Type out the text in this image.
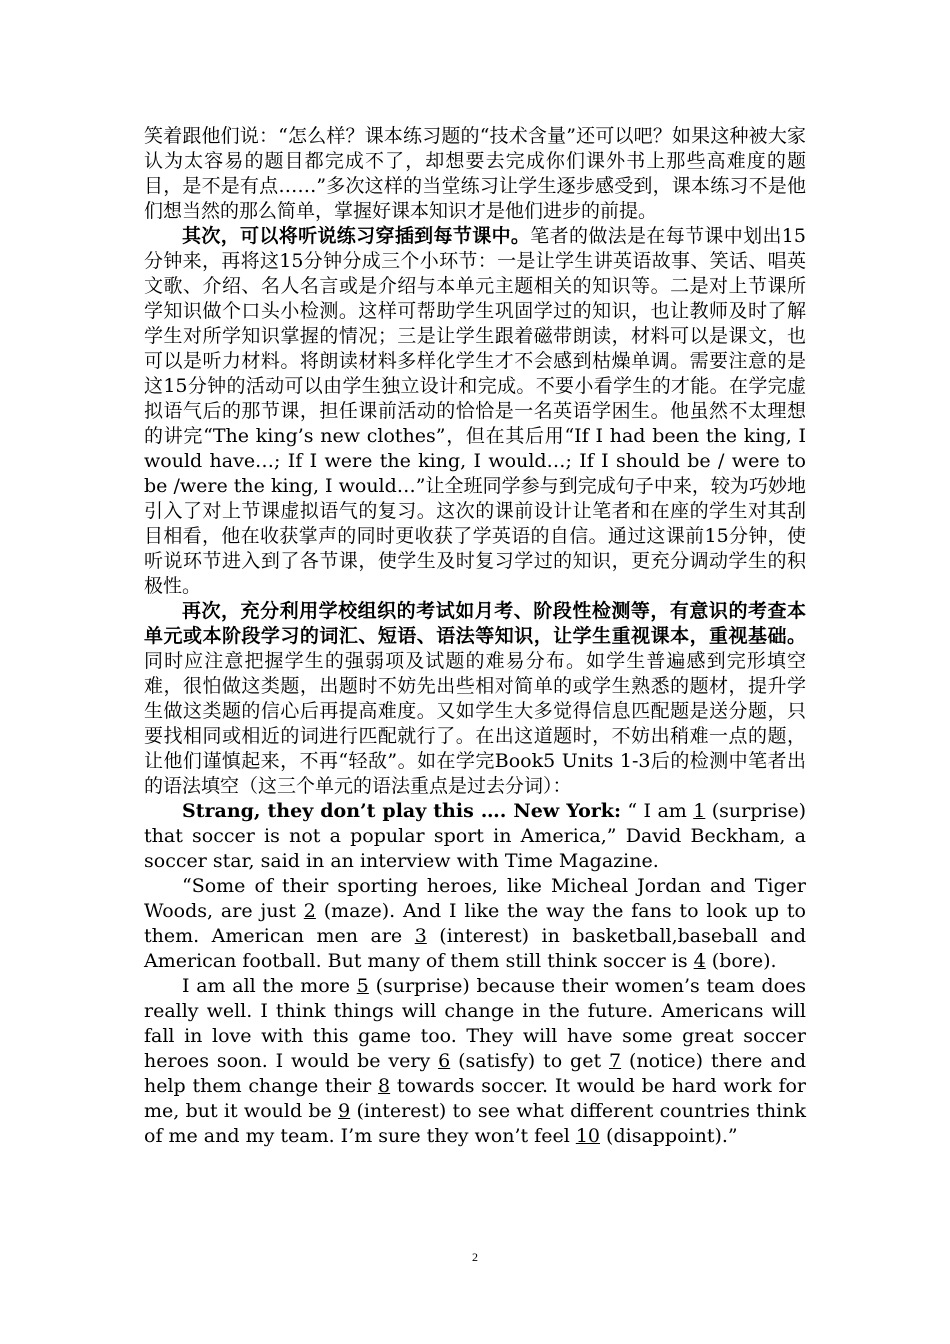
笑着跟他们说：“怎么样？课本练习题的“技术含量”还可以吧？如果这种被大家认为太容易的题目都完成不了，却想要去完成你们课外书上那些高难度的题目，是不是有点……”多次这样的当堂练习让学生逐步感受到，课本练习不是他们想当然的那么简单，掌握好课本知识才是他们进步的前提。

其次，可以将听说练习穿插到每节课中。笔者的做法是在每节课中划出15分钟来，再将这15分钟分成三个小环节：一是让学生讲英语故事、笑话、唱英文歌、介绍、名人名言或是介绍与本单元主题相关的知识等。二是对上节课所学知识做个口头小检测。这样可帮助学生巩固学过的知识，也让教师及时了解学生对所学知识掌握的情况；三是让学生跟着磁带朗读，材料可以是课文，也可以是听力材料。将朗读材料多样化学生才不会感到枯燥单调。需要注意的是这15分钟的活动可以由学生独立设计和完成。不要小看学生的才能。在学完虚拟语气后的那节课，担任课前活动的恰恰是一名英语学困生。他虽然不太理想的讲完“The king’s new clothes”，但在其后用“If I had been the king, I would have…; If I were the king, I would…; If I should be / were to be /were the king, I would…”让全班同学参与到完成句子中来，较为巧妙地引入了对上节课虚拟语气的复习。这次的课前设计让笔者和在座的学生对其刮目相看，他在收获掌声的同时更收获了学英语的自信。通过这课前15分钟，使听说环节进入到了各节课，使学生及时复习学过的知识，更充分调动学生的积极性。

再次，充分利用学校组织的考试如月考、阶段性检测等，有意识的考查本单元或本阶段学习的词汇、短语、语法等知识，让学生重视课本，重视基础。同时应注意把握学生的强弱项及试题的难易分布。如学生普遍感到完形填空难，很怕做这类题，出题时不妨先出些相对简单的或学生熟悉的题材，提升学生做这类题的信心后再提高难度。又如学生大多觉得信息匹配题是送分题，只要找相同或相近的词进行匹配就行了。在出这道题时，不妨出稍难一点的题，让他们谨慎起来，不再“轻敌”。如在学完Book5 Units 1-3后的检测中笔者出的语法填空（这三个单元的语法重点是过去分词）：

Strang, they don’t play this …. New York: “ I am 1 (surprise) that soccer is not a popular sport in America,” David Beckham, a soccer star, said in an interview with Time Magazine.

“Some of their sporting heroes, like Micheal Jordan and Tiger Woods, are just 2 (maze). And I like the way the fans to look up to them. American men are 3 (interest) in basketball,baseball and American football. But many of them still think soccer is 4 (bore).

I am all the more 5 (surprise) because their women’s team does really well. I think things will change in the future. Americans will fall in love with this game too. They will have some great soccer heroes soon. I would be very 6 (satisfy) to get 7 (notice) there and help them change their 8 towards soccer. It would be hard work for me, but it would be 9 (interest) to see what different countries think of me and my team. I’m sure they won’t feel 10 (disappoint).”

2
